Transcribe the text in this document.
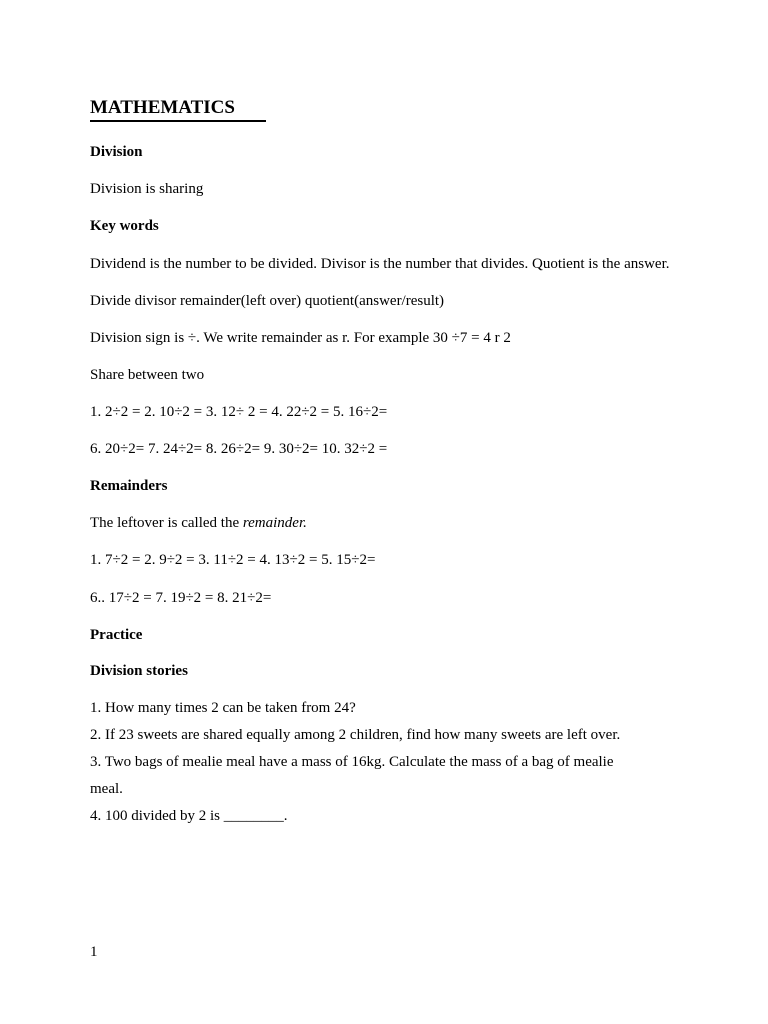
MATHEMATICS
Division
Division is sharing
Key words
Dividend is the number to be divided. Divisor is the number that divides. Quotient is the answer.
Divide divisor remainder(left over) quotient(answer/result)
Division sign is ÷. We write remainder as r. For example 30 ÷7 = 4 r 2
Share between two
1. 2÷2 = 2. 10÷2 = 3. 12÷ 2 = 4. 22÷2 = 5. 16÷2=
6. 20÷2= 7. 24÷2= 8. 26÷2= 9. 30÷2= 10. 32÷2 =
Remainders
The leftover is called the remainder.
1. 7÷2 = 2. 9÷2 = 3. 11÷2 = 4. 13÷2 = 5. 15÷2=
6.. 17÷2 = 7. 19÷2 = 8. 21÷2=
Practice
Division stories
1. How many times 2 can be taken from 24?
2. If 23 sweets are shared equally among 2 children, find how many sweets are left over.
3. Two bags of mealie meal have a mass of 16kg. Calculate the mass of a bag of mealie
meal.
4. 100 divided by 2 is ________.
1
